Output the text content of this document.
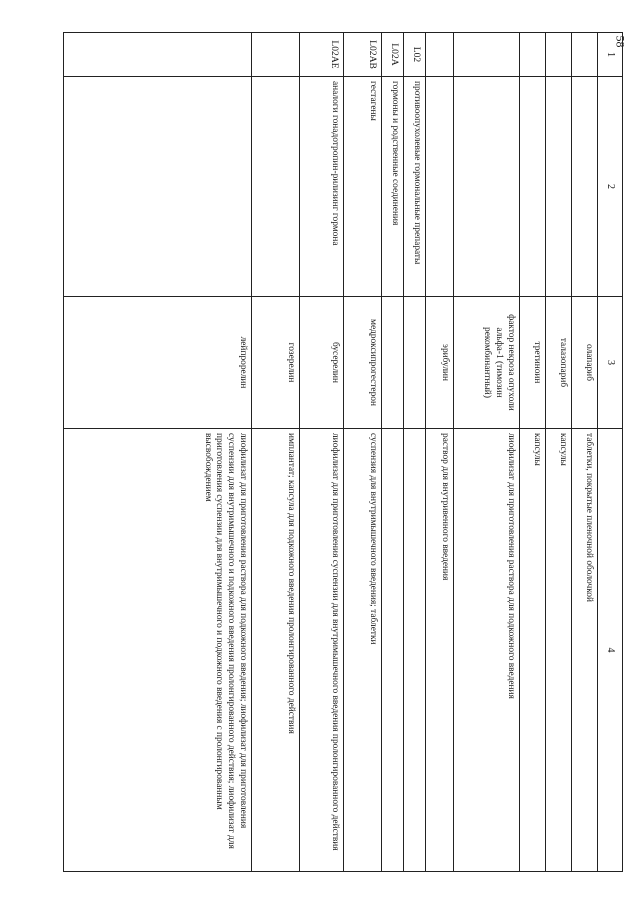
58
1	2	3	4
		олапариб	таблетки, покрытые пленочной оболочкой
		талазопариб	капсулы
		третиноин	капсулы
		фактор некроза опухоли альфа-1 (тимозин рекомбинантный)	лиофилизат для приготовления раствора для подкожного введения
		эрибулин	раствор для внутривенного введения
L02	противоопухолевые гормональные препараты		
L02A	гормоны и родственные соединения		
L02AB	гестагены	медроксипрогестерон	суспензия для внутримышечного введения; таблетки
L02AE	аналоги гонадотропин-рилизинг гормона	бусерелин	лиофилизат для приготовления суспензии для внутримышечного введения пролонгированного действия
		гозерелин	имплантат; капсула для подкожного введения пролонгированного действия
		лейпрорелин	лиофилизат для приготовления раствора для подкожного введения; лиофилизат для приготовления суспензии для внутримышечного и подкожного введения пролонгированного действия; лиофилизат для приготовления суспензии для внутримышечного и подкожного введения с пролонгированным высвобождением
